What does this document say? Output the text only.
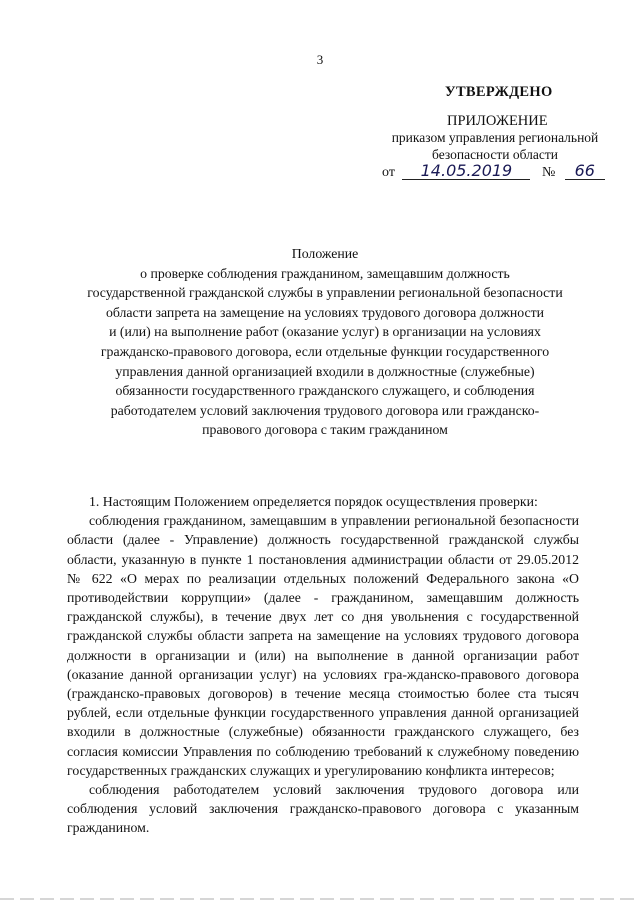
3
УТВЕРЖДЕНО
ПРИЛОЖЕНИЕ
приказом управления региональной
безопасности области
от 14.05.2019 № 66
Положение
о проверке соблюдения гражданином, замещавшим должность
государственной гражданской службы в управлении региональной безопасности
области запрета на замещение на условиях трудового договора должности
и (или) на выполнение работ (оказание услуг) в организации на условиях
гражданско-правового договора, если отдельные функции государственного
управления данной организацией входили в должностные (служебные)
обязанности государственного гражданского служащего, и соблюдения
работодателем условий заключения трудового договора или гражданско-
правового договора с таким гражданином

1. Настоящим Положением определяется порядок осуществления проверки:

соблюдения гражданином, замещавшим в управлении региональной безопасности области (далее - Управление) должность государственной гражданской службы области, указанную в пункте 1 постановления администрации области от 29.05.2012 № 622 «О мерах по реализации отдельных положений Федерального закона «О противодействии коррупции» (далее - гражданином, замещавшим должность гражданской службы), в течение двух лет со дня увольнения с государственной гражданской службы области запрета на замещение на условиях трудового договора должности в организации и (или) на выполнение в данной организации работ (оказание данной организации услуг) на условиях гра-жданско-правового договора (гражданско-правовых договоров) в течение месяца стоимостью более ста тысяч рублей, если отдельные функции государственного управления данной организацией входили в должностные (служебные) обязанности гражданского служащего, без согласия комиссии Управления по соблюдению требований к служебному поведению государственных гражданских служащих и урегулированию конфликта интересов;

соблюдения работодателем условий заключения трудового договора или соблюдения условий заключения гражданско-правового договора с указанным гражданином.
